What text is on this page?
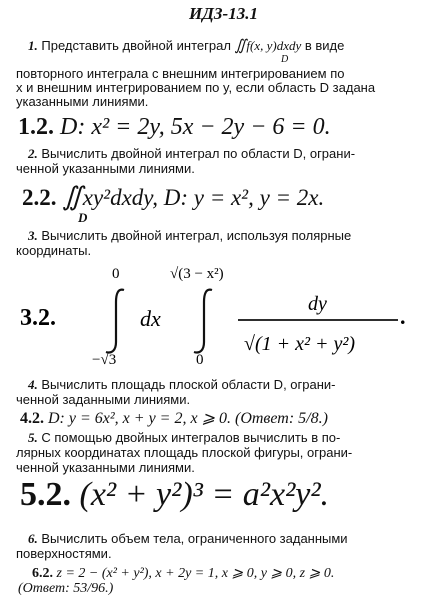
ИДЗ-13.1
1. Представить двойной интеграл ∬f(x, y)dxdy в виде
D
повторного интеграла с внешним интегрированием по
x и внешним интегрированием по y, если область D задана
указанными линиями.
1.2. D: x² = 2y, 5x − 2y − 6 = 0.
2. Вычислить двойной интеграл по области D, ограни-
ченной указанными линиями.
2.2. ∬xy²dxdy, D: y = x², y = 2x.
D
3. Вычислить двойной интеграл, используя полярные
координаты.
3.2.
0
−√3
dx
√(3 − x²)
0
dy
√(1 + x² + y²)
.
4. Вычислить площадь плоской области D, ограни-
ченной заданными линиями.
4.2. D: y = 6x², x + y = 2, x ⩾ 0. (Ответ: 5/8.)
5. С помощью двойных интегралов вычислить в по-
лярных координатах площадь плоской фигуры, ограни-
ченной указанными линиями.
5.2. (x² + y²)³ = a²x²y².
6. Вычислить объем тела, ограниченного заданными
поверхностями.
6.2. z = 2 − (x² + y²), x + 2y = 1, x ⩾ 0, y ⩾ 0, z ⩾ 0.
(Ответ: 53/96.)
